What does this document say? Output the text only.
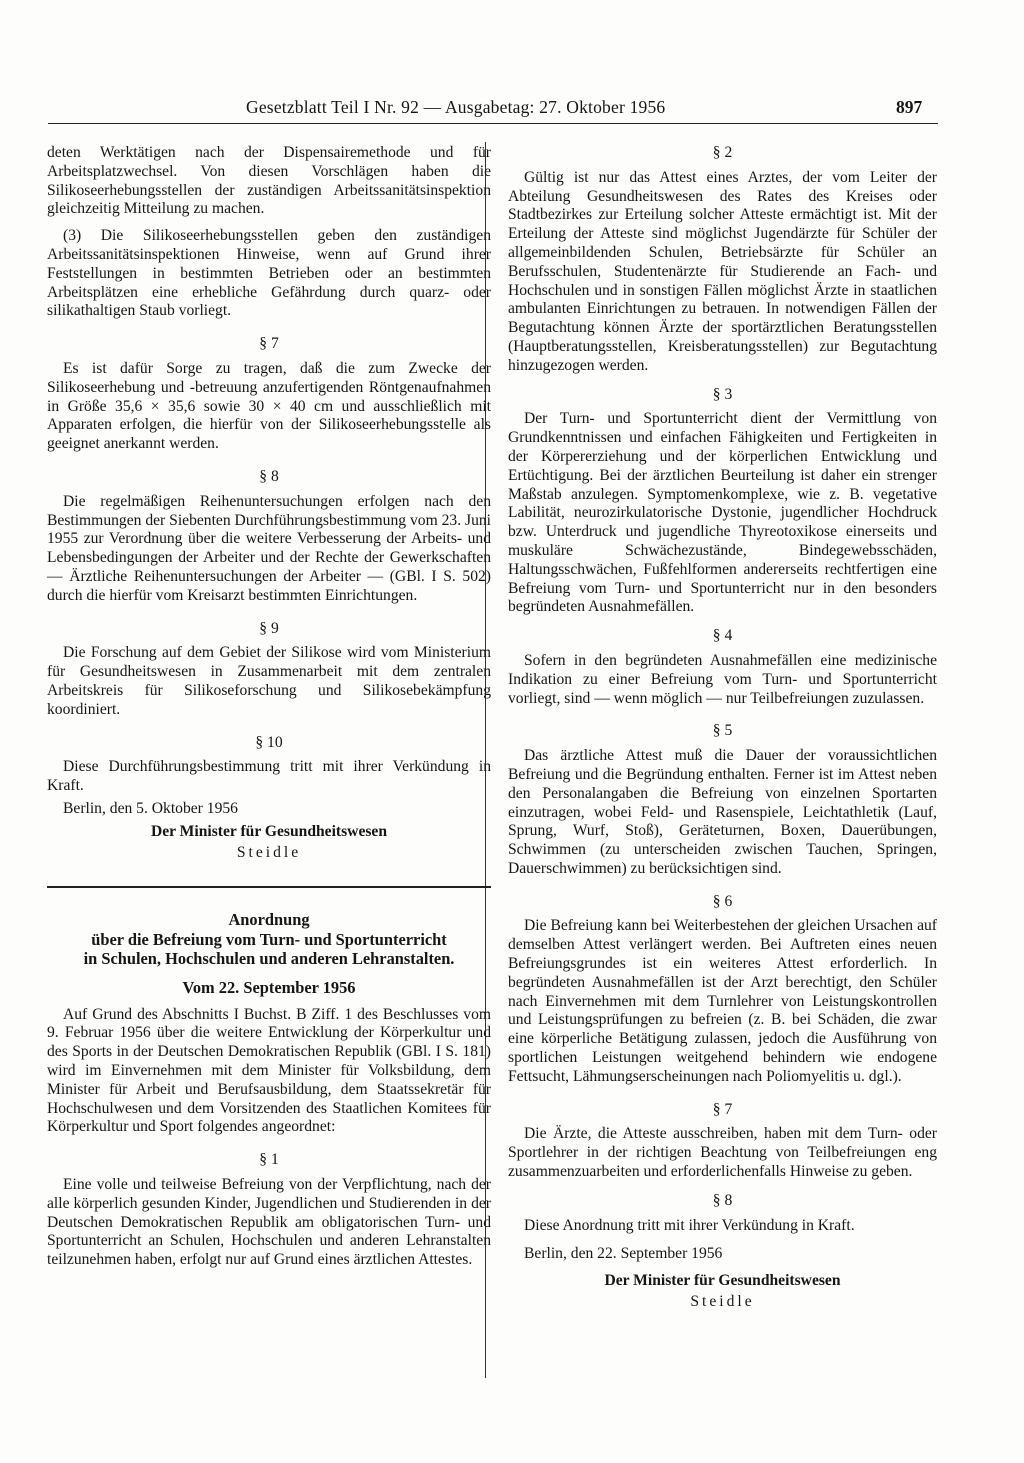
Gesetzblatt Teil I Nr. 92 — Ausgabetag: 27. Oktober 1956	897

deten Werktätigen nach der Dispensairemethode und für Arbeitsplatzwechsel. Von diesen Vorschlägen haben die Silikoseerhebungsstellen der zuständigen Arbeitssanitätsinspektion gleichzeitig Mitteilung zu machen.

(3) Die Silikoseerhebungsstellen geben den zuständigen Arbeitssanitätsinspektionen Hinweise, wenn auf Grund ihrer Feststellungen in bestimmten Betrieben oder an bestimmten Arbeitsplätzen eine erhebliche Gefährdung durch quarz- oder silikathaltigen Staub vorliegt.

§ 7

Es ist dafür Sorge zu tragen, daß die zum Zwecke der Silikoseerhebung und -betreuung anzufertigenden Röntgenaufnahmen in Größe 35,6 × 35,6 sowie 30 × 40 cm und ausschließlich mit Apparaten erfolgen, die hierfür von der Silikoseerhebungsstelle als geeignet anerkannt werden.

§ 8

Die regelmäßigen Reihenuntersuchungen erfolgen nach den Bestimmungen der Siebenten Durchführungsbestimmung vom 23. Juni 1955 zur Verordnung über die weitere Verbesserung der Arbeits- und Lebensbedingungen der Arbeiter und der Rechte der Gewerkschaften — Ärztliche Reihenuntersuchungen der Arbeiter — (GBl. I S. 502) durch die hierfür vom Kreisarzt bestimmten Einrichtungen.

§ 9

Die Forschung auf dem Gebiet der Silikose wird vom Ministerium für Gesundheitswesen in Zusammenarbeit mit dem zentralen Arbeitskreis für Silikoseforschung und Silikosebekämpfung koordiniert.

§ 10

Diese Durchführungsbestimmung tritt mit ihrer Verkündung in Kraft.

Berlin, den 5. Oktober 1956
Der Minister für Gesundheitswesen
Steidle

Anordnung

über die Befreiung vom Turn- und Sportunterricht

in Schulen, Hochschulen und anderen Lehranstalten.

Vom 22. September 1956

Auf Grund des Abschnitts I Buchst. B Ziff. 1 des Beschlusses vom 9. Februar 1956 über die weitere Entwicklung der Körperkultur und des Sports in der Deutschen Demokratischen Republik (GBl. I S. 181) wird im Einvernehmen mit dem Minister für Volksbildung, dem Minister für Arbeit und Berufsausbildung, dem Staatssekretär für Hochschulwesen und dem Vorsitzenden des Staatlichen Komitees für Körperkultur und Sport folgendes angeordnet:

§ 1

Eine volle und teilweise Befreiung von der Verpflichtung, nach der alle körperlich gesunden Kinder, Jugendlichen und Studierenden in der Deutschen Demokratischen Republik am obligatorischen Turn- und Sportunterricht an Schulen, Hochschulen und anderen Lehranstalten teilzunehmen haben, erfolgt nur auf Grund eines ärztlichen Attestes.

§ 2

Gültig ist nur das Attest eines Arztes, der vom Leiter der Abteilung Gesundheitswesen des Rates des Kreises oder Stadtbezirkes zur Erteilung solcher Atteste ermächtigt ist. Mit der Erteilung der Atteste sind möglichst Jugendärzte für Schüler der allgemeinbildenden Schulen, Betriebsärzte für Schüler an Berufsschulen, Studentenärzte für Studierende an Fach- und Hochschulen und in sonstigen Fällen möglichst Ärzte in staatlichen ambulanten Einrichtungen zu betrauen. In notwendigen Fällen der Begutachtung können Ärzte der sportärztlichen Beratungsstellen (Hauptberatungsstellen, Kreisberatungsstellen) zur Begutachtung hinzugezogen werden.

§ 3

Der Turn- und Sportunterricht dient der Vermittlung von Grundkenntnissen und einfachen Fähigkeiten und Fertigkeiten in der Körpererziehung und der körperlichen Entwicklung und Ertüchtigung. Bei der ärztlichen Beurteilung ist daher ein strenger Maßstab anzulegen. Symptomenkomplexe, wie z. B. vegetative Labilität, neurozirkulatorische Dystonie, jugendlicher Hochdruck bzw. Unterdruck und jugendliche Thyreotoxikose einerseits und muskuläre Schwächezustände, Bindegewebsschäden, Haltungsschwächen, Fußfehlformen andererseits rechtfertigen eine Befreiung vom Turn- und Sportunterricht nur in den besonders begründeten Ausnahmefällen.

§ 4

Sofern in den begründeten Ausnahmefällen eine medizinische Indikation zu einer Befreiung vom Turn- und Sportunterricht vorliegt, sind — wenn möglich — nur Teilbefreiungen zuzulassen.

§ 5

Das ärztliche Attest muß die Dauer der voraussichtlichen Befreiung und die Begründung enthalten. Ferner ist im Attest neben den Personalangaben die Befreiung von einzelnen Sportarten einzutragen, wobei Feld- und Rasenspiele, Leichtathletik (Lauf, Sprung, Wurf, Stoß), Geräteturnen, Boxen, Dauerübungen, Schwimmen (zu unterscheiden zwischen Tauchen, Springen, Dauerschwimmen) zu berücksichtigen sind.

§ 6

Die Befreiung kann bei Weiterbestehen der gleichen Ursachen auf demselben Attest verlängert werden. Bei Auftreten eines neuen Befreiungsgrundes ist ein weiteres Attest erforderlich. In begründeten Ausnahmefällen ist der Arzt berechtigt, den Schüler nach Einvernehmen mit dem Turnlehrer von Leistungskontrollen und Leistungsprüfungen zu befreien (z. B. bei Schäden, die zwar eine körperliche Betätigung zulassen, jedoch die Ausführung von sportlichen Leistungen weitgehend behindern wie endogene Fettsucht, Lähmungserscheinungen nach Poliomyelitis u. dgl.).

§ 7

Die Ärzte, die Atteste ausschreiben, haben mit dem Turn- oder Sportlehrer in der richtigen Beachtung von Teilbefreiungen eng zusammenzuarbeiten und erforderlichenfalls Hinweise zu geben.

§ 8

Diese Anordnung tritt mit ihrer Verkündung in Kraft.

Berlin, den 22. September 1956
Der Minister für Gesundheitswesen
Steidle
